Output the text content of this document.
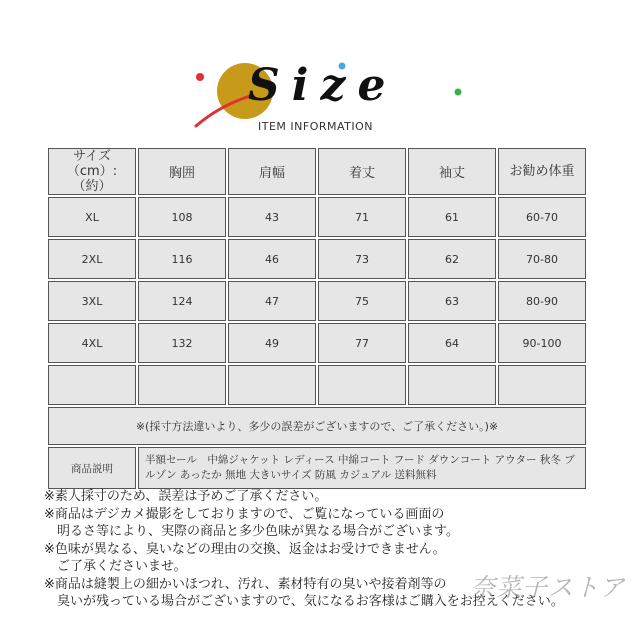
Size
ITEM INFORMATION
サイズ（cm）:（約）	胸囲	肩幅	着丈	袖丈	お勧め体重
XL	108	43	71	61	60-70
2XL	116	46	73	62	70-80
3XL	124	47	75	63	80-90
4XL	132	49	77	64	90-100

※(採寸方法違いより、多少の誤差がございますので、ご了承ください。)※					
商品説明	半額セール　中綿ジャケット レディース 中綿コート フード ダウンコート アウター 秋冬 ブ
ルゾン あったか 無地 大きいサイズ 防風 カジュアル 送料無料				
※素人採寸のため、誤差は予めご了承ください。
※商品はデジカメ撮影をしておりますので、ご覧になっている画面の
　明るさ等により、実際の商品と多少色味が異なる場合がございます。
※色味が異なる、臭いなどの理由の交換、返金はお受けできません。
　ご了承くださいませ。
※商品は縫製上の細かいほつれ、汚れ、素材特有の臭いや接着剤等の
　臭いが残っている場合がございますので、気になるお客様はご購入をお控えください。
奈菜子ストア
